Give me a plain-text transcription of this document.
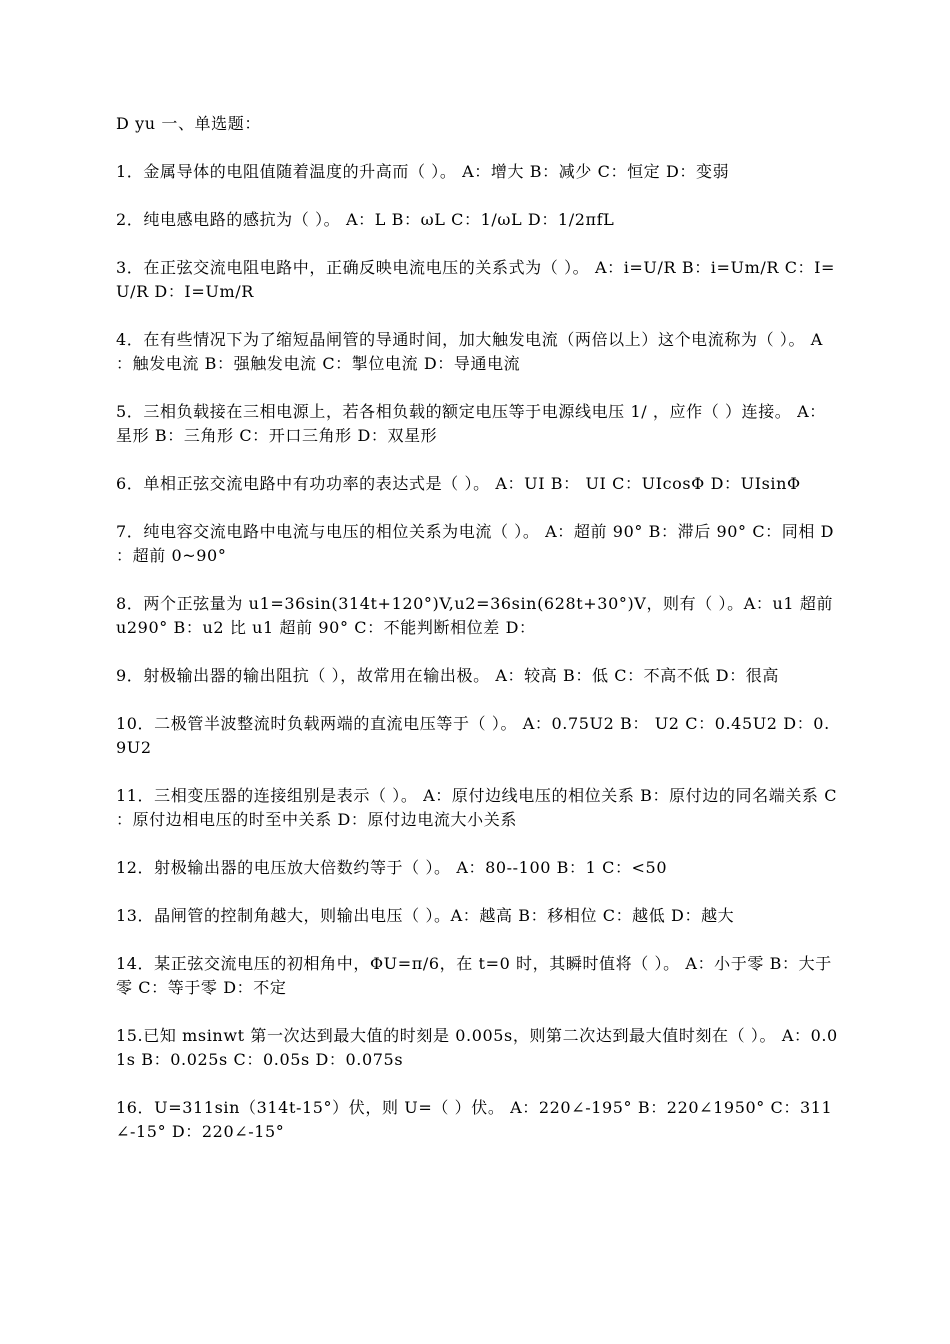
D yu 一、单选题：
1．金属导体的电阻值随着温度的升高而（ ）。 A：增大 B：减少 C：恒定 D：变弱
2．纯电感电路的感抗为（ ）。 A：L B：ωL C：1/ωL D：1/2πfL
3．在正弦交流电阻电路中，正确反映电流电压的关系式为（ ）。 A：i=U/R B：i=Um/R C：I=U/R D：I=Um/R
4．在有些情况下为了缩短晶闸管的导通时间，加大触发电流（两倍以上）这个电流称为（ ）。 A：触发电流 B：强触发电流 C：掣位电流 D：导通电流
5．三相负载接在三相电源上，若各相负载的额定电压等于电源线电压 1/ ，应作（ ）连接。 A：星形 B：三角形 C：开口三角形 D：双星形
6．单相正弦交流电路中有功功率的表达式是（ ）。 A：UI B： UI C：UIcosΦ D：UIsinΦ
7．纯电容交流电路中电流与电压的相位关系为电流（ ）。 A：超前 90° B：滞后 90° C：同相 D：超前 0~90°
8．两个正弦量为 u1=36sin(314t+120°)V,u2=36sin(628t+30°)V，则有（ ）。A：u1 超前 u290° B：u2 比 u1 超前 90° C：不能判断相位差 D：
9．射极输出器的输出阻抗（ ），故常用在输出极。 A：较高 B：低 C：不高不低 D：很高
10．二极管半波整流时负载两端的直流电压等于（ ）。 A：0.75U2 B： U2 C：0.45U2 D：0.9U2
11．三相变压器的连接组别是表示（ ）。 A：原付边线电压的相位关系 B：原付边的同名端关系 C：原付边相电压的时至中关系 D：原付边电流大小关系
12．射极输出器的电压放大倍数约等于（ ）。 A：80--100 B：1 C：<50
13．晶闸管的控制角越大，则输出电压（ ）。A：越高 B：移相位 C：越低 D：越大
14．某正弦交流电压的初相角中，ΦU=π/6，在 t=0 时，其瞬时值将（ ）。 A：小于零 B：大于零 C：等于零 D：不定
15.已知 msinwt 第一次达到最大值的时刻是 0.005s，则第二次达到最大值时刻在（ ）。 A：0.01s B：0.025s C：0.05s D：0.075s
16．U=311sin（314t-15°）伏，则 U=（ ）伏。 A：220∠-195° B：220∠1950° C：311∠-15° D：220∠-15°
